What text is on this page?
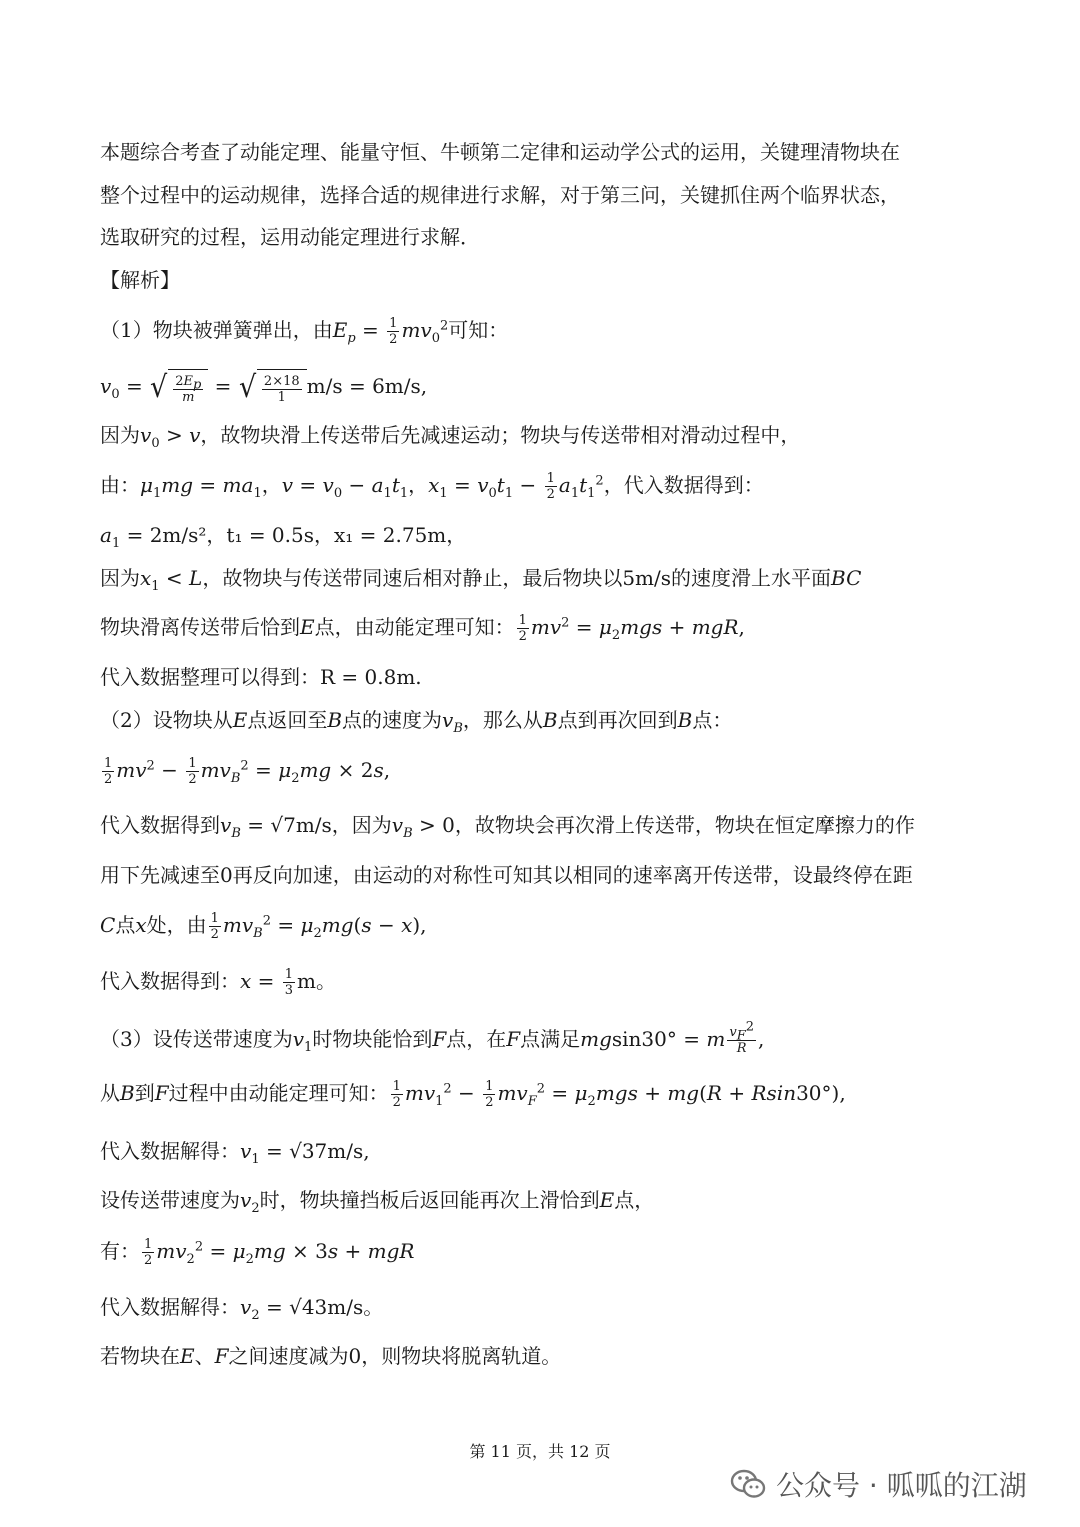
本题综合考查了动能定理、能量守恒、牛顿第二定律和运动学公式的运用，关键理清物块在
整个过程中的运动规律，选择合适的规律进行求解，对于第三问，关键抓住两个临界状态，
选取研究的过程，运用动能定理进行求解．
【解析】
（1）物块被弹簧弹出，由$E_p = \frac{1}{2} mv_0^2$可知：
$v_0$ = √ $\frac{2E_p}{m}$ = √ $\frac{2\times 18}{1} m/s = 6m/s$,
因为$v_0 > v$，故物块滑上传送带后先减速运动；物块与传送带相对滑动过程中，
由：$\mu_1mg = ma_1$，$v = v_0 - a_1t_1$，$x_1 = v_0t_1 - \frac{1}{2} a_1t_1^2$，代入数据得到：
$a_1 = 2m/s^2$，t₁ = 0.5s，x₁ = 2.75m，
因为$x_1 < L$，故物块与传送带同速后相对静止，最后物块以5m/s的速度滑上水平面BC
物块滑离传送带后恰到E点，由动能定理可知： $\frac{1}{2} mv^2 = \mu_2mgs$ + mgR,
代入数据整理可以得到：R = 0.8m.
（2）设物块从E点返回至B点的速度为$v_B$，那么从B点到再次回到B点：
$\frac{1}{2} mv^2 - \frac{1}{2} mv_B^2 = \mu_2mg \times 2s$,
代入数据得到$v_B = √7m/s$，因为$v_B > 0$，故物块会再次滑上传送带，物块在恒定摩擦力的作
用下先减速至0再反向加速，由运动的对称性可知其以相同的速率离开传送带，设最终停在距
C点x处，由 $\frac{1}{2} mv_B^2 = \mu_2mg(s - x)$,
代入数据得到：$x = \frac{1}{3}$ m。
（3）设传送带速度为$v_1$时物块能恰到F点，在F点满足mgsin30° = m $\frac{v_F^2}{R}$ ,
从B到F过程中由动能定理可知： $\frac{1}{2} mv_1^2 - \frac{1}{2} mv_F^2 = \mu_2mgs + mg(R + Rsin30^\circ)$,
代入数据解得：$v_1 = √37m/s$,
设传送带速度为$v_2$时，物块撞挡板后返回能再次上滑恰到E点，
有： $\frac{1}{2} mv_2^2 = \mu_2mg \times 3s$ + mgR
代入数据解得：$v_2 = √43m/s$。
若物块在E、F之间速度减为0，则物块将脱离轨道。
第 11 页，共 12 页
公众号 · 呱呱的江湖
